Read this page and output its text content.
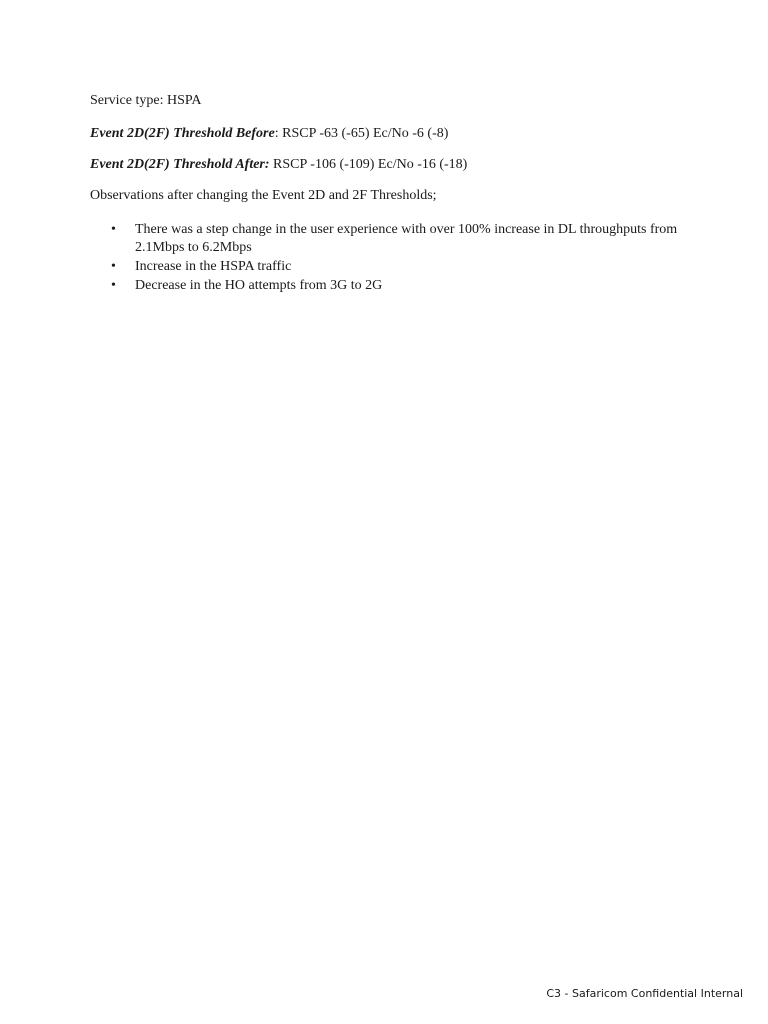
Service type: HSPA

Event 2D(2F) Threshold Before: RSCP -63 (-65) Ec/No -6 (-8)

Event 2D(2F) Threshold After: RSCP -106 (-109) Ec/No -16 (-18)

Observations after changing the Event 2D and 2F Thresholds;

• There was a step change in the user experience with over 100% increase in DL throughputs from 2.1Mbps to 6.2Mbps
• Increase in the HSPA traffic
• Decrease in the HO attempts from 3G to 2G

C3 - Safaricom Confidential Internal
